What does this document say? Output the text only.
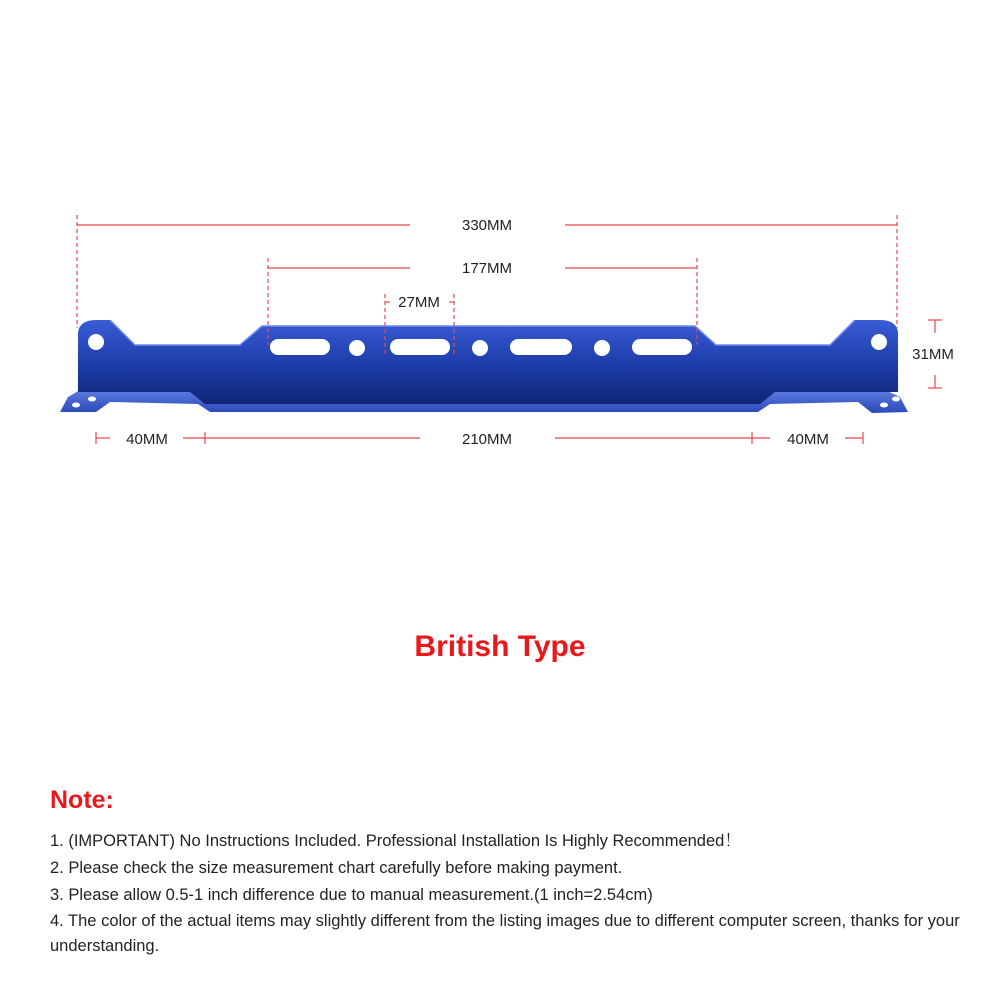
330MM
177MM
27MM
31MM
40MM	210MM	40MM
British Type
Note:
1. (IMPORTANT) No Instructions Included. Professional Installation Is Highly Recommended！
2. Please check the size measurement chart carefully before making payment.
3. Please allow 0.5-1 inch difference due to manual measurement.(1 inch=2.54cm)
4. The color of the actual items may slightly different from the listing images due to different computer screen, thanks for your understanding.
